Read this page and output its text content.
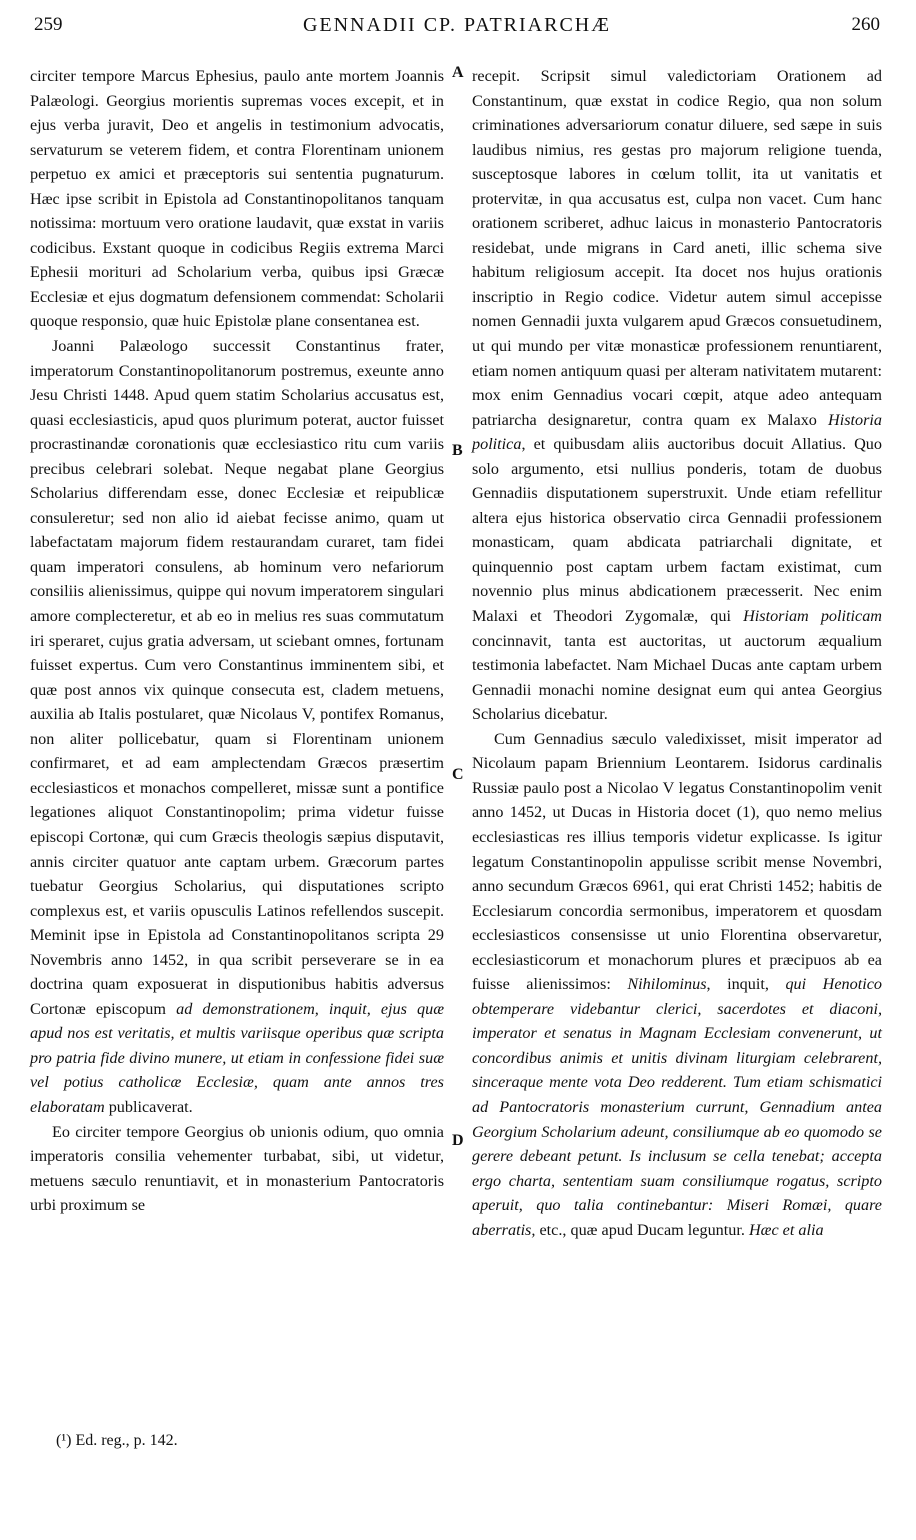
259	GENNADII CP. PATRIARCHÆ	260
A
B
C
D

circiter tempore Marcus Ephesius, paulo ante mortem Joannis Palæologi. Georgius morientis supremas voces excepit, et in ejus verba juravit, Deo et angelis in testimonium advocatis, servaturum se veterem fidem, et contra Florentinam unionem perpetuo ex amici et præceptoris sui sententia pugnaturum. Hæc ipse scribit in Epistola ad Constantinopolitanos tanquam notissima: mortuum vero oratione laudavit, quæ exstat in variis codicibus. Exstant quoque in codicibus Regiis extrema Marci Ephesii morituri ad Scholarium verba, quibus ipsi Græcæ Ecclesiæ et ejus dogmatum defensionem commendat: Scholarii quoque responsio, quæ huic Epistolæ plane consentanea est.

Joanni Palæologo successit Constantinus frater, imperatorum Constantinopolitanorum postremus, exeunte anno Jesu Christi 1448. Apud quem statim Scholarius accusatus est, quasi ecclesiasticis, apud quos plurimum poterat, auctor fuisset procrastinandæ coronationis quæ ecclesiastico ritu cum variis precibus celebrari solebat. Neque negabat plane Georgius Scholarius differendam esse, donec Ecclesiæ et reipublicæ consuleretur; sed non alio id aiebat fecisse animo, quam ut labefactatam majorum fidem restaurandam curaret, tam fidei quam imperatori consulens, ab hominum vero nefariorum consiliis alienissimus, quippe qui novum imperatorem singulari amore complecteretur, et ab eo in melius res suas commutatum iri speraret, cujus gratia adversam, ut sciebant omnes, fortunam fuisset expertus. Cum vero Constantinus imminentem sibi, et quæ post annos vix quinque consecuta est, cladem metuens, auxilia ab Italis postularet, quæ Nicolaus V, pontifex Romanus, non aliter pollicebatur, quam si Florentinam unionem confirmaret, et ad eam amplectendam Græcos præsertim ecclesiasticos et monachos compelleret, missæ sunt a pontifice legationes aliquot Constantinopolim; prima videtur fuisse episcopi Cortonæ, qui cum Græcis theologis sæpius disputavit, annis circiter quatuor ante captam urbem. Græcorum partes tuebatur Georgius Scholarius, qui disputationes scripto complexus est, et variis opusculis Latinos refellendos suscepit. Meminit ipse in Epistola ad Constantinopolitanos scripta 29 Novembris anno 1452, in qua scribit perseverare se in ea doctrina quam exposuerat in disputionibus habitis adversus Cortonæ episcopum ad demonstrationem, inquit, ejus quæ apud nos est veritatis, et multis variisque operibus quæ scripta pro patria fide divino munere, ut etiam in confessione fidei suæ vel potius catholicæ Ecclesiæ, quam ante annos tres elaboratam publicaverat.

Eo circiter tempore Georgius ob unionis odium, quo omnia imperatoris consilia vehementer turbabat, sibi, ut videtur, metuens sæculo renuntiavit, et in monasterium Pantocratoris urbi proximum se

recepit. Scripsit simul valedictoriam Orationem ad Constantinum, quæ exstat in codice Regio, qua non solum criminationes adversariorum conatur diluere, sed sæpe in suis laudibus nimius, res gestas pro majorum religione tuenda, susceptosque labores in cœlum tollit, ita ut vanitatis et protervitæ, in qua accusatus est, culpa non vacet. Cum hanc orationem scriberet, adhuc laicus in monasterio Pantocratoris residebat, unde migrans in Card aneti, illic schema sive habitum religiosum accepit. Ita docet nos hujus orationis inscriptio in Regio codice. Videtur autem simul accepisse nomen Gennadii juxta vulgarem apud Græcos consuetudinem, ut qui mundo per vitæ monasticæ professionem renuntiarent, etiam nomen antiquum quasi per alteram nativitatem mutarent: mox enim Gennadius vocari cœpit, atque adeo antequam patriarcha designaretur, contra quam ex Malaxo Historia politica, et quibusdam aliis auctoribus docuit Allatius. Quo solo argumento, etsi nullius ponderis, totam de duobus Gennadiis disputationem superstruxit. Unde etiam refellitur altera ejus historica observatio circa Gennadii professionem monasticam, quam abdicata patriarchali dignitate, et quinquennio post captam urbem factam existimat, cum novennio plus minus abdicationem præcesserit. Nec enim Malaxi et Theodori Zygomalæ, qui Historiam politicam concinnavit, tanta est auctoritas, ut auctorum æqualium testimonia labefactet. Nam Michael Ducas ante captam urbem Gennadii monachi nomine designat eum qui antea Georgius Scholarius dicebatur.

Cum Gennadius sæculo valedixisset, misit imperator ad Nicolaum papam Briennium Leontarem. Isidorus cardinalis Russiæ paulo post a Nicolao V legatus Constantinopolim venit anno 1452, ut Ducas in Historia docet (1), quo nemo melius ecclesiasticas res illius temporis videtur explicasse. Is igitur legatum Constantinopolin appulisse scribit mense Novembri, anno secundum Græcos 6961, qui erat Christi 1452; habitis de Ecclesiarum concordia sermonibus, imperatorem et quosdam ecclesiasticos consensisse ut unio Florentina observaretur, ecclesiasticorum et monachorum plures et præcipuos ab ea fuisse alienissimos: Nihilominus, inquit, qui Henotico obtemperare videbantur clerici, sacerdotes et diaconi, imperator et senatus in Magnam Ecclesiam convenerunt, ut concordibus animis et unitis divinam liturgiam celebrarent, sinceraque mente vota Deo redderent. Tum etiam schismatici ad Pantocratoris monasterium currunt, Gennadium antea Georgium Scholarium adeunt, consiliumque ab eo quomodo se gerere debeant petunt. Is inclusum se cella tenebat; accepta ergo charta, sententiam suam consiliumque rogatus, scripto aperuit, quo talia continebantur: Miseri Romæi, quare aberratis, etc., quæ apud Ducam leguntur. Hæc et alia

(¹) Ed. reg., p. 142.
